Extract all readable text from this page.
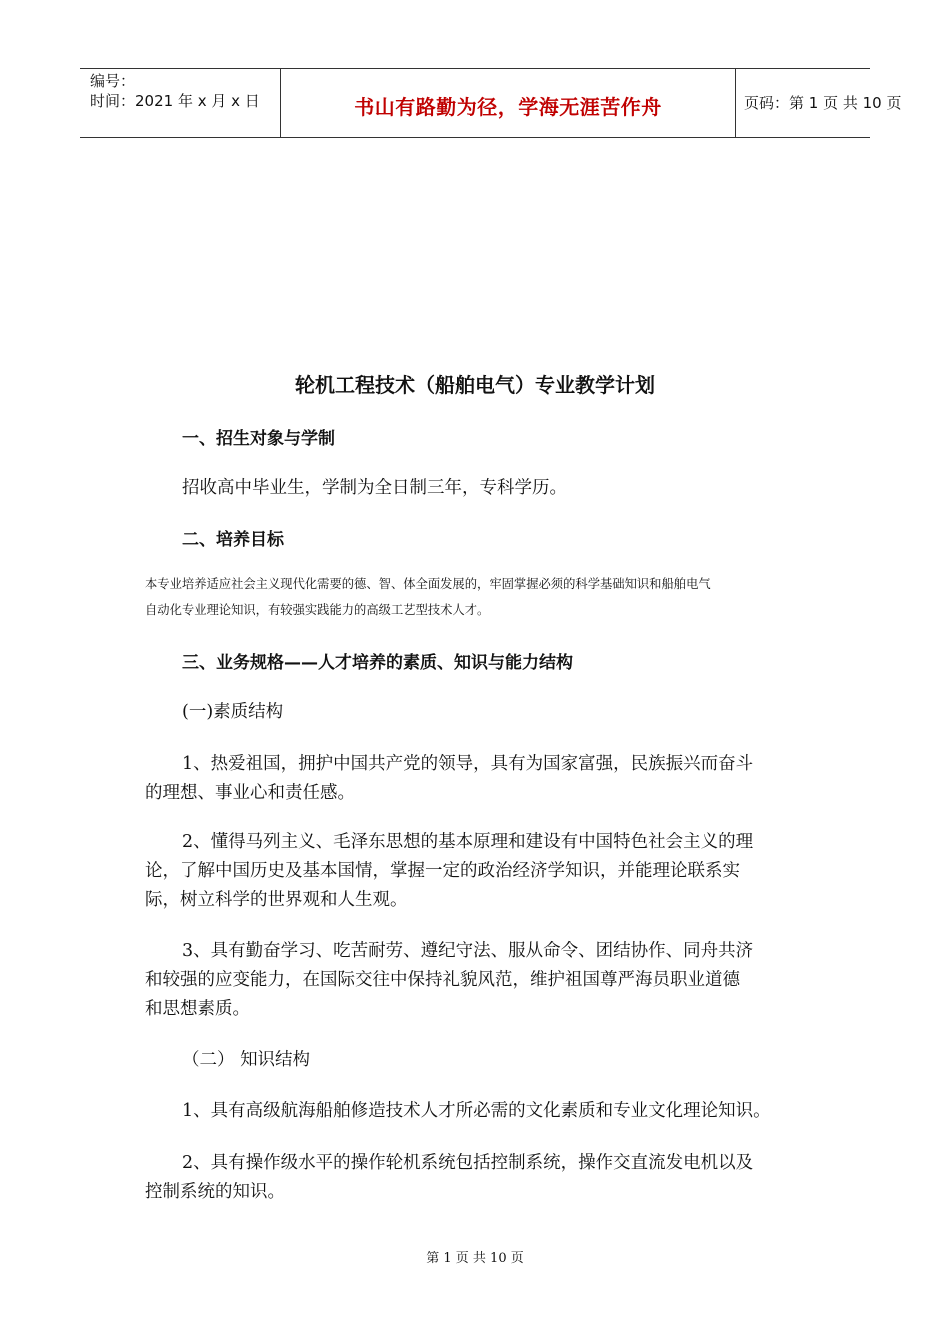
编号：
时间：2021 年 x 月 x 日	书山有路勤为径，学海无涯苦作舟	页码：第 1 页 共 10 页
轮机工程技术（船舶电气）专业教学计划
一、招生对象与学制
招收高中毕业生，学制为全日制三年，专科学历。
二、培养目标
本专业培养适应社会主义现代化需要的德、智、体全面发展的，牢固掌握必须的科学基础知识和船舶电气
自动化专业理论知识，有较强实践能力的高级工艺型技术人才。
三、业务规格——人才培养的素质、知识与能力结构
(一)素质结构
1、热爱祖国，拥护中国共产党的领导，具有为国家富强，民族振兴而奋斗
的理想、事业心和责任感。
2、懂得马列主义、毛泽东思想的基本原理和建设有中国特色社会主义的理
论，了解中国历史及基本国情，掌握一定的政治经济学知识，并能理论联系实
际，树立科学的世界观和人生观。
3、具有勤奋学习、吃苦耐劳、遵纪守法、服从命令、团结协作、同舟共济
和较强的应变能力，在国际交往中保持礼貌风范，维护祖国尊严海员职业道德
和思想素质。
（二） 知识结构
1、具有高级航海船舶修造技术人才所必需的文化素质和专业文化理论知识。
2、具有操作级水平的操作轮机系统包括控制系统，操作交直流发电机以及
控制系统的知识。
第 1 页 共 10 页
